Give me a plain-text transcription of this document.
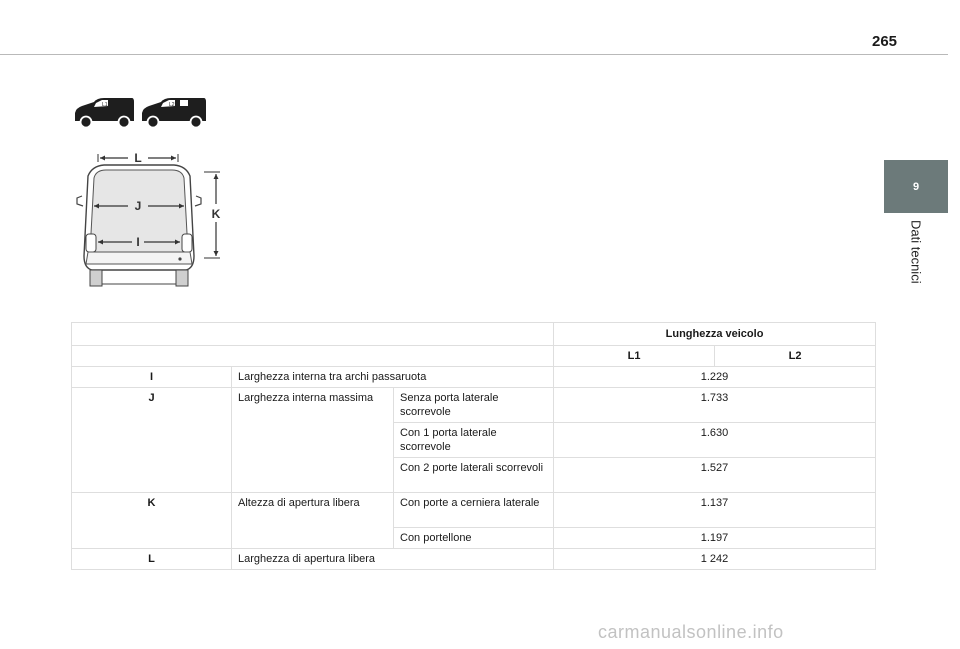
265
9
Dati tecnici
L1	L2
L
J
I
K
			Lunghezza veicolo	
			L1	L2
I	Larghezza interna tra archi passaruota		1.229	
J	Larghezza interna massima	Senza porta laterale scorrevole	1.733	
		Con 1 porta laterale scorrevole	1.630	
		Con 2 porte laterali scorrevoli	1.527	
K	Altezza di apertura libera	Con porte a cerniera laterale	1.137	
		Con portellone	1.197	
L	Larghezza di apertura libera		1 242	
carmanualsonline.info
